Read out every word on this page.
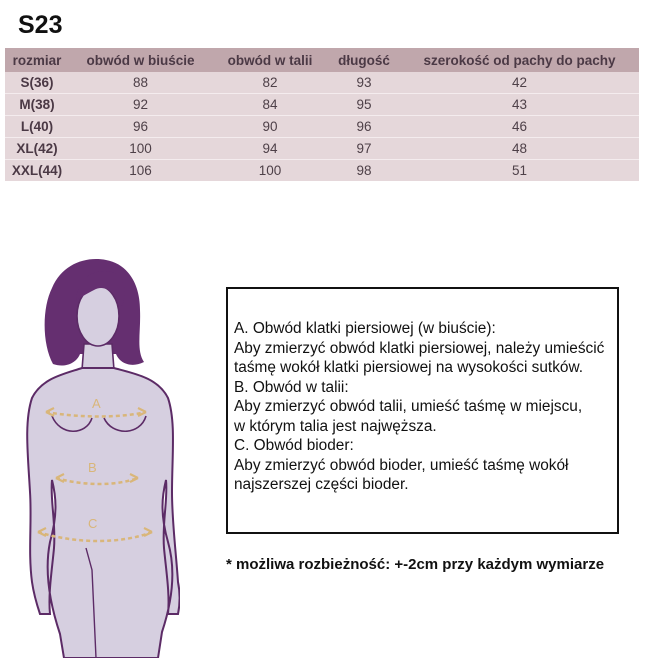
S23
rozmiar	obwód w biuście	obwód w talii	długość	szerokość od pachy do pachy
S(36)	88	82	93	42
M(38)	92	84	95	43
L(40)	96	90	96	46
XL(42)	100	94	97	48
XXL(44)	106	100	98	51
A
B
C
A. Obwód klatki piersiowej (w biuście):
Aby zmierzyć obwód klatki piersiowej, należy umieścić
taśmę wokół klatki piersiowej na wysokości sutków.
B. Obwód w talii:
Aby zmierzyć obwód talii, umieść taśmę w miejscu,
w którym talia jest najwęższa.
C. Obwód bioder:
Aby zmierzyć obwód bioder, umieść taśmę wokół
najszerszej części bioder.
* możliwa rozbieżność: +-2cm przy każdym wymiarze
